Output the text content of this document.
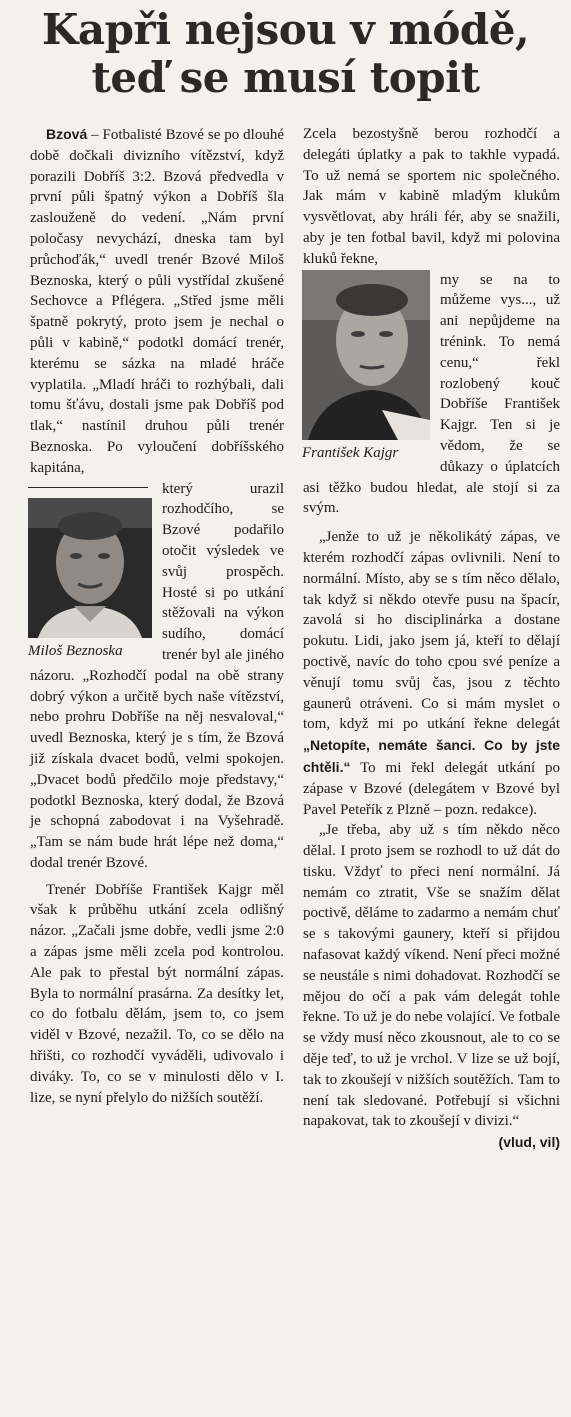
Kapři nejsou v módě,
teď se musí topit

Bzová – Fotbalisté Bzové se po dlouhé době dočkali divizního vítězství, když porazili Dobříš 3:2. Bzová předvedla v první půli špatný výkon a Dobříš šla zaslouženě do vedení. „Nám první poločasy nevychází, dneska tam byl průchoďák,“ uvedl trenér Bzové Miloš Beznoska, který o půli vystřídal zkušené Sechovce a Pflégera. „Střed jsme měli špatně pokrytý, proto jsem je nechal o půli v kabině,“ podotkl domácí trenér, kterému se sázka na mladé hráče vyplatila. „Mladí hráči to rozhýbali, dali tomu šťávu, dostali jsme pak Dobříš pod tlak,“ nastínil druhou půli trenér Beznoska. Po vyloučení dobříšského kapitána,

Miloš Beznoska

který urazil rozhodčího, se Bzové podařilo otočit výsledek ve svůj prospěch. Hosté si po utkání stěžovali na výkon sudího, domácí trenér byl ale jiného názoru. „Rozhodčí podal na obě strany dobrý výkon a určitě bych naše vítězství, nebo prohru Dobříše na něj nesvaloval,“ uvedl Beznoska, který je s tím, že Bzová již získala dvacet bodů, velmi spokojen. „Dvacet bodů předčilo moje představy,“ podotkl Beznoska, který dodal, že Bzová je schopná zabodovat i na Vyšehradě. „Tam se nám bude hrát lépe než doma,“ dodal trenér Bzové.

Trenér Dobříše František Kajgr měl však k průběhu utkání zcela odlišný názor. „Začali jsme dobře, vedli jsme 2:0 a zápas jsme měli zcela pod kontrolou. Ale pak to přestal být normální zápas. Byla to normální prasárna. Za desítky let, co do fotbalu dělám, jsem to, co jsem viděl v Bzové, nezažil. To, co se dělo na hřišti, co rozhodčí vyváděli, udivovalo i diváky. To, co se v minulosti dělo v I. lize, se nyní přelylo do nižších soutěží.

Zcela bezostyšně berou rozhodčí a delegáti úplatky a pak to takhle vypadá. To už nemá se sportem nic společného. Jak mám v kabině mladým klukům vysvětlovat, aby hráli fér, aby se snažili, aby je ten fotbal bavil, když mi polovina kluků řekne,

František Kajgr

my se na to můžeme vys..., už ani nepůjdeme na trénink. To nemá cenu,“ řekl rozlobený kouč Dobříše František Kajgr. Ten si je vědom, že se důkazy o úplatcích asi těžko budou hledat, ale stojí si za svým.

„Jenže to už je několikátý zápas, ve kterém rozhodčí zápas ovlivnili. Není to normální. Místo, aby se s tím něco dělalo, tak když si někdo otevře pusu na špacír, zavolá si ho disciplinárka a dostane pokutu. Lidi, jako jsem já, kteří to dělají poctivě, navíc do toho cpou své peníze a věnují tomu svůj čas, jsou z těchto gaunerů otráveni. Co si mám myslet o tom, když mi po utkání řekne delegát „Netopíte, nemáte šanci. Co by jste chtěli.“ To mi řekl delegát utkání po zápase v Bzové (delegátem v Bzové byl Pavel Peteřík z Plzně – pozn. redakce).

„Je třeba, aby už s tím někdo něco dělal. I proto jsem se rozhodl to už dát do tisku. Vždyť to přeci není normální. Já nemám co ztratit, Vše se snažím dělat poctivě, děláme to zadarmo a nemám chuť se s takovými gaunery, kteří si přijdou nafasovat každý víkend. Není přeci možné se neustále s nimi dohadovat. Rozhodčí se mějou do očí a pak vám delegát tohle řekne. To už je do nebe volající. Ve fotbale se vždy musí něco zkousnout, ale to co se děje teď, to už je vrchol. V lize se už bojí, tak to zkoušejí v nižších soutěžích. Tam to není tak sledované. Potřebují si všichni napakovat, tak to zkoušejí v divizi.“
(vlud, vil)
